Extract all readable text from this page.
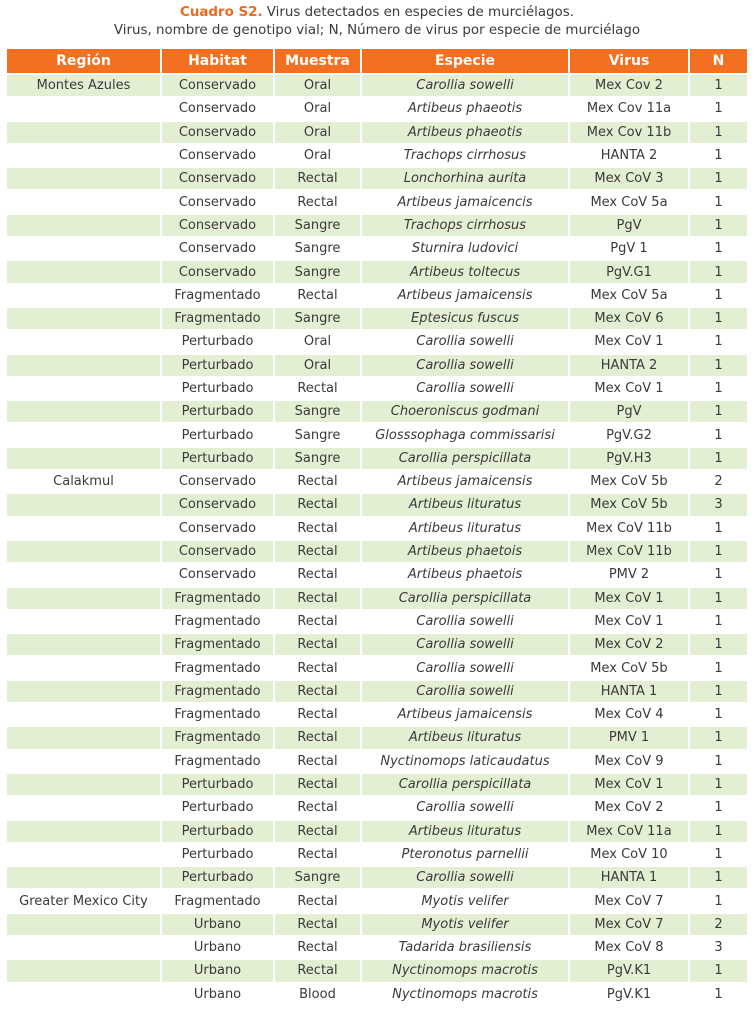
Cuadro S2. Virus detectados en especies de murciélagos.
Virus, nombre de genotipo vial; N, Número de virus por especie de murciélago
Región	Habitat	Muestra	Especie	Virus	N
Montes Azules	Conservado	Oral	Carollia sowelli	Mex Cov 2	1
	Conservado	Oral	Artibeus phaeotis	Mex Cov 11a	1
	Conservado	Oral	Artibeus phaeotis	Mex Cov 11b	1
	Conservado	Oral	Trachops cirrhosus	HANTA 2	1
	Conservado	Rectal	Lonchorhina aurita	Mex CoV 3	1
	Conservado	Rectal	Artibeus jamaicencis	Mex CoV 5a	1
	Conservado	Sangre	Trachops cirrhosus	PgV	1
	Conservado	Sangre	Sturnira ludovici	PgV 1	1
	Conservado	Sangre	Artibeus toltecus	PgV.G1	1
	Fragmentado	Rectal	Artibeus jamaicensis	Mex CoV 5a	1
	Fragmentado	Sangre	Eptesicus fuscus	Mex CoV 6	1
	Perturbado	Oral	Carollia sowelli	Mex CoV 1	1
	Perturbado	Oral	Carollia sowelli	HANTA 2	1
	Perturbado	Rectal	Carollia sowelli	Mex CoV 1	1
	Perturbado	Sangre	Choeroniscus godmani	PgV	1
	Perturbado	Sangre	Glosssophaga commissarisi	PgV.G2	1
	Perturbado	Sangre	Carollia perspicillata	PgV.H3	1
Calakmul	Conservado	Rectal	Artibeus jamaicensis	Mex CoV 5b	2
	Conservado	Rectal	Artibeus lituratus	Mex CoV 5b	3
	Conservado	Rectal	Artibeus lituratus	Mex CoV 11b	1
	Conservado	Rectal	Artibeus phaetois	Mex CoV 11b	1
	Conservado	Rectal	Artibeus phaetois	PMV 2	1
	Fragmentado	Rectal	Carollia perspicillata	Mex CoV 1	1
	Fragmentado	Rectal	Carollia sowelli	Mex CoV 1	1
	Fragmentado	Rectal	Carollia sowelli	Mex CoV 2	1
	Fragmentado	Rectal	Carollia sowelli	Mex CoV 5b	1
	Fragmentado	Rectal	Carollia sowelli	HANTA 1	1
	Fragmentado	Rectal	Artibeus jamaicensis	Mex CoV 4	1
	Fragmentado	Rectal	Artibeus lituratus	PMV 1	1
	Fragmentado	Rectal	Nyctinomops laticaudatus	Mex CoV 9	1
	Perturbado	Rectal	Carollia perspicillata	Mex CoV 1	1
	Perturbado	Rectal	Carollia sowelli	Mex CoV 2	1
	Perturbado	Rectal	Artibeus lituratus	Mex CoV 11a	1
	Perturbado	Rectal	Pteronotus parnellii	Mex CoV 10	1
	Perturbado	Sangre	Carollia sowelli	HANTA 1	1
Greater Mexico City	Fragmentado	Rectal	Myotis velifer	Mex CoV 7	1
	Urbano	Rectal	Myotis velifer	Mex CoV 7	2
	Urbano	Rectal	Tadarida brasiliensis	Mex CoV 8	3
	Urbano	Rectal	Nyctinomops macrotis	PgV.K1	1
	Urbano	Blood	Nyctinomops macrotis	PgV.K1	1
